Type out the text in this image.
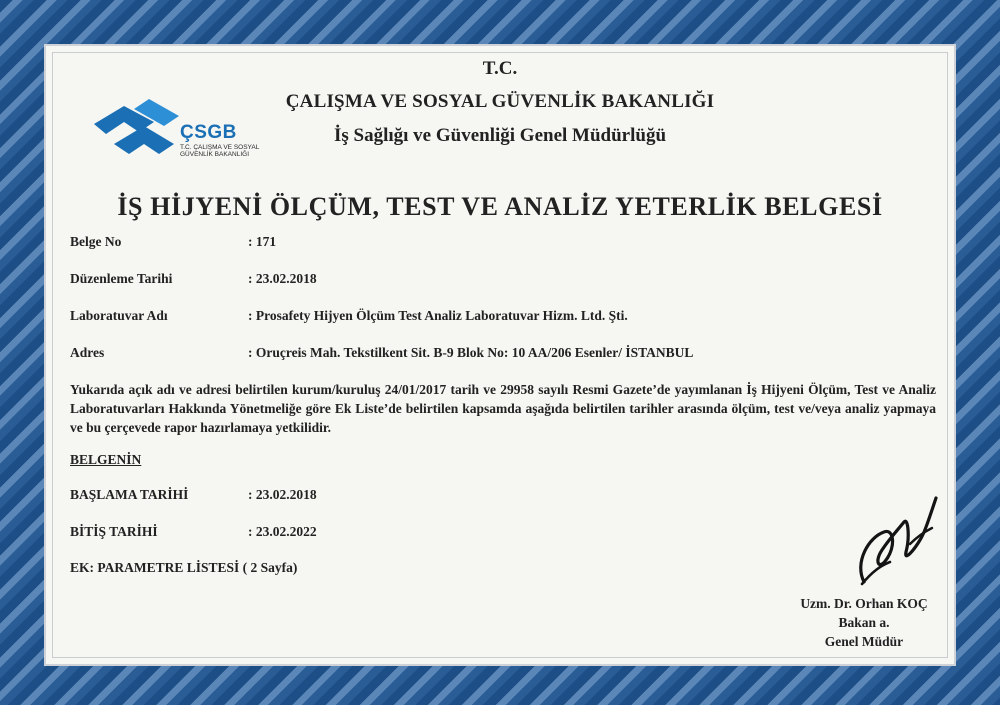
ÇSGB
T.C. ÇALIŞMA VE SOSYAL GÜVENLİK BAKANLIĞI
T.C.
ÇALIŞMA VE SOSYAL GÜVENLİK BAKANLIĞI
İş Sağlığı ve Güvenliği Genel Müdürlüğü
İŞ HİJYENİ ÖLÇÜM, TEST VE ANALİZ YETERLİK BELGESİ
Belge No	: 171
Düzenleme Tarihi	: 23.02.2018
Laboratuvar Adı	: Prosafety Hijyen Ölçüm Test Analiz Laboratuvar Hizm. Ltd. Şti.
Adres	: Oruçreis Mah. Tekstilkent Sit. B-9 Blok No: 10 AA/206 Esenler/ İSTANBUL
Yukarıda açık adı ve adresi belirtilen kurum/kuruluş 24/01/2017 tarih ve 29958 sayılı Resmi Gazete’de yayımlanan İş Hijyeni Ölçüm, Test ve Analiz Laboratuvarları Hakkında Yönetmeliğe göre Ek Liste’de belirtilen kapsamda aşağıda belirtilen tarihler arasında ölçüm, test ve/veya analiz yapmaya ve bu çerçevede rapor hazırlamaya yetkilidir.
BELGENİN
BAŞLAMA TARİHİ	: 23.02.2018
BİTİŞ TARİHİ	: 23.02.2022
EK: PARAMETRE LİSTESİ ( 2 Sayfa)
Uzm. Dr. Orhan KOÇ
Bakan a.
Genel Müdür
